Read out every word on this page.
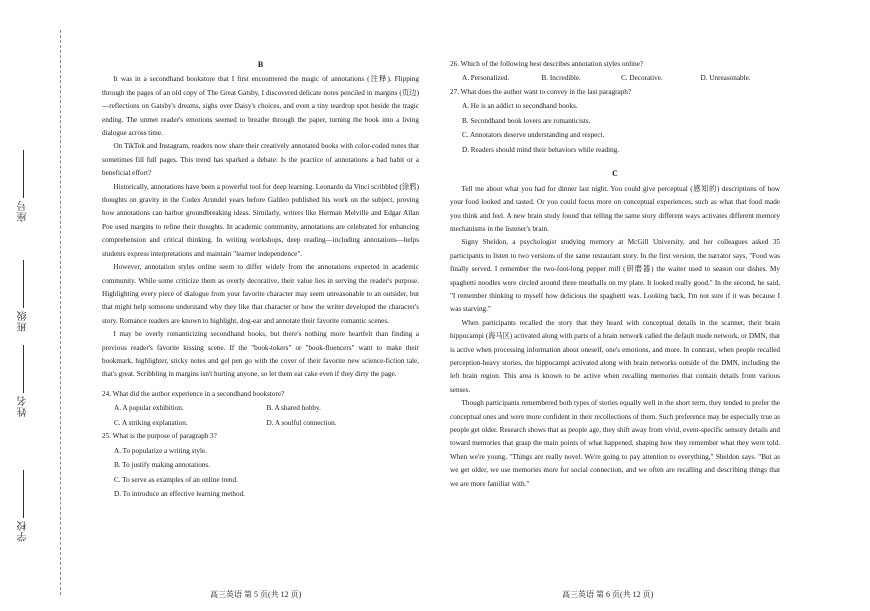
学校
姓名
班级
座号
B

It was in a secondhand bookstore that I first encountered the magic of annotations (注释). Flipping through the pages of an old copy of The Great Gatsby, I discovered delicate notes penciled in margins (页边)—reflections on Gatsby's dreams, sighs over Daisy's choices, and even a tiny teardrop spot beside the tragic ending. The unmet reader's emotions seemed to breathe through the paper, turning the book into a living dialogue across time.

On TikTok and Instagram, readers now share their creatively annotated books with color-coded notes that sometimes fill full pages. This trend has sparked a debate: Is the practice of annotations a bad habit or a beneficial effort?

Historically, annotations have been a powerful tool for deep learning. Leonardo da Vinci scribbled (涂鸦) thoughts on gravity in the Codex Arundel years before Galileo published his work on the subject, proving how annotations can harbor groundbreaking ideas. Similarly, writers like Herman Melville and Edgar Allan Poe used margins to refine their thoughts. In academic community, annotations are celebrated for enhancing comprehension and critical thinking. In writing workshops, deep reading—including annotations—helps students express interpretations and maintain "learner independence".

However, annotation styles online seem to differ widely from the annotations expected in academic community. While some criticize them as overly decorative, their value lies in serving the reader's purpose. Highlighting every piece of dialogue from your favorite character may seem unreasonable to an outsider, but that might help someone understand why they like that character or how the writer developed the character's story. Romance readers are known to highlight, dog-ear and annotate their favorite romantic scenes.

I may be overly romanticizing secondhand books, but there's nothing more heartfelt than finding a previous reader's favorite kissing scene. If the "book-tokers" or "book-fluencers" want to make their bookmark, highlighter, sticky notes and gel pen go with the cover of their favorite new science-fiction tale, that's great. Scribbling in margins isn't hurting anyone, so let them eat cake even if they dirty the page.

24. What did the author experience in a secondhand bookstore?
A. A popular exhibition.	B. A shared hobby.
C. A striking explanation.	D. A soulful connection.
25. What is the purpose of paragraph 3?
A. To popularize a writing style.
B. To justify making annotations.
C. To serve as examples of an online trend.
D. To introduce an effective learning method.
26. Which of the following best describes annotation styles online?
A. Personalized.	B. Incredible.	C. Decorative.	D. Unreasonable.
27. What does the author want to convey in the last paragraph?
A. He is an addict to secondhand books.
B. Secondhand book lovers are romanticists.
C. Annotators deserve understanding and respect.
D. Readers should mind their behaviors while reading.
C

Tell me about what you had for dinner last night. You could give perceptual (感知的) descriptions of how your food looked and tasted. Or you could focus more on conceptual experiences, such as what that food made you think and feel. A new brain study found that telling the same story different ways activates different memory mechanisms in the listener's brain.

Signy Sheldon, a psychologist studying memory at McGill University, and her colleagues asked 35 participants to listen to two versions of the same restaurant story. In the first version, the narrator says, "Food was finally served. I remember the two-foot-long pepper mill (研磨器) the waiter used to season our dishes. My spaghetti noodles were circled around three meatballs on my plate. It looked really good." In the second, he said, "I remember thinking to myself how delicious the spaghetti was. Looking back, I'm not sure if it was because I was starving."

When participants recalled the story that they heard with conceptual details in the scanner, their brain hippocampi (海马区) activated along with parts of a brain network called the default mode network, or DMN, that is active when processing information about oneself, one's emotions, and more. In contrast, when people recalled perception-heavy stories, the hippocampi activated along with brain networks outside of the DMN, including the left brain region. This area is known to be active when recalling memories that contain details from various senses.

Though participants remembered both types of stories equally well in the short term, they tended to prefer the conceptual ones and were more confident in their recollections of them. Such preference may be especially true as people get older. Research shows that as people age, they shift away from vivid, event-specific sensory details and toward memories that grasp the main points of what happened, shaping how they remember what they were told. When we're young, "Things are really novel. We're going to pay attention to everything," Sheldon says. "But as we get older, we use memories more for social connection, and we often are recalling and describing things that we are more familiar with."

高三英语 第 5 页(共 12 页)	高三英语 第 6 页(共 12 页)
